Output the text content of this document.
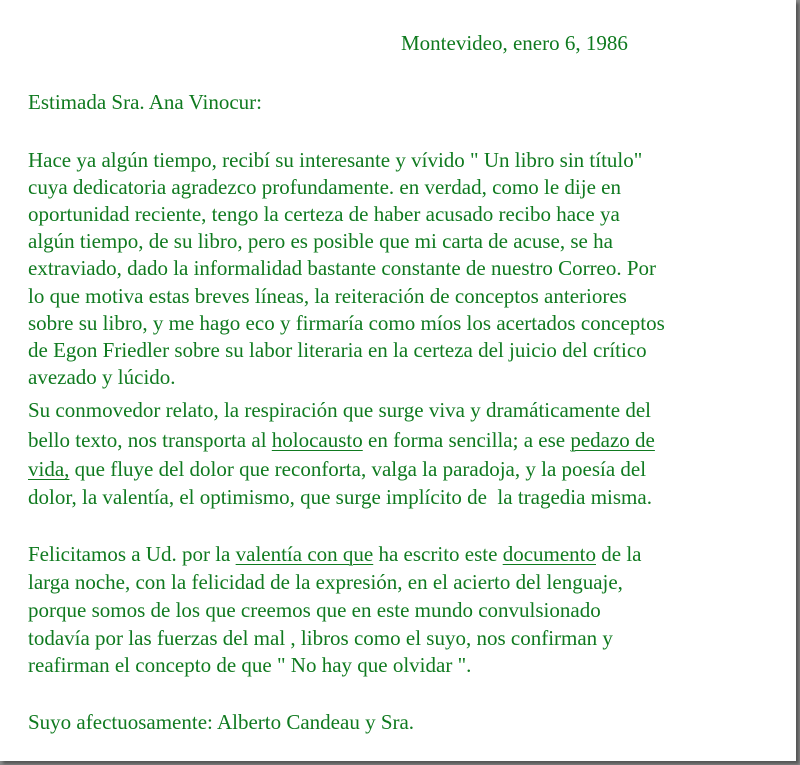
Montevideo, enero 6, 1986
Estimada Sra. Ana Vinocur:
Hace ya algún tiempo, recibí su interesante y vívido " Un libro sin título"
cuya dedicatoria agradezco profundamente. en verdad, como le dije en
oportunidad reciente, tengo la certeza de haber acusado recibo hace ya
algún tiempo, de su libro, pero es posible que mi carta de acuse, se ha
extraviado, dado la informalidad bastante constante de nuestro Correo. Por
lo que motiva estas breves líneas, la reiteración de conceptos anteriores
sobre su libro, y me hago eco y firmaría como míos los acertados conceptos
de Egon Friedler sobre su labor literaria en la certeza del juicio del crítico
avezado y lúcido.
Su conmovedor relato, la respiración que surge viva y dramáticamente del
bello texto, nos transporta al holocausto en forma sencilla; a ese pedazo de
vida, que fluye del dolor que reconforta, valga la paradoja, y la poesía del
dolor, la valentía, el optimismo, que surge implícito de  la tragedia misma.
Felicitamos a Ud. por la valentía con que ha escrito este documento de la
larga noche, con la felicidad de la expresión, en el acierto del lenguaje,
porque somos de los que creemos que en este mundo convulsionado
todavía por las fuerzas del mal , libros como el suyo, nos confirman y
reafirman el concepto de que " No hay que olvidar ".
Suyo afectuosamente: Alberto Candeau y Sra.
